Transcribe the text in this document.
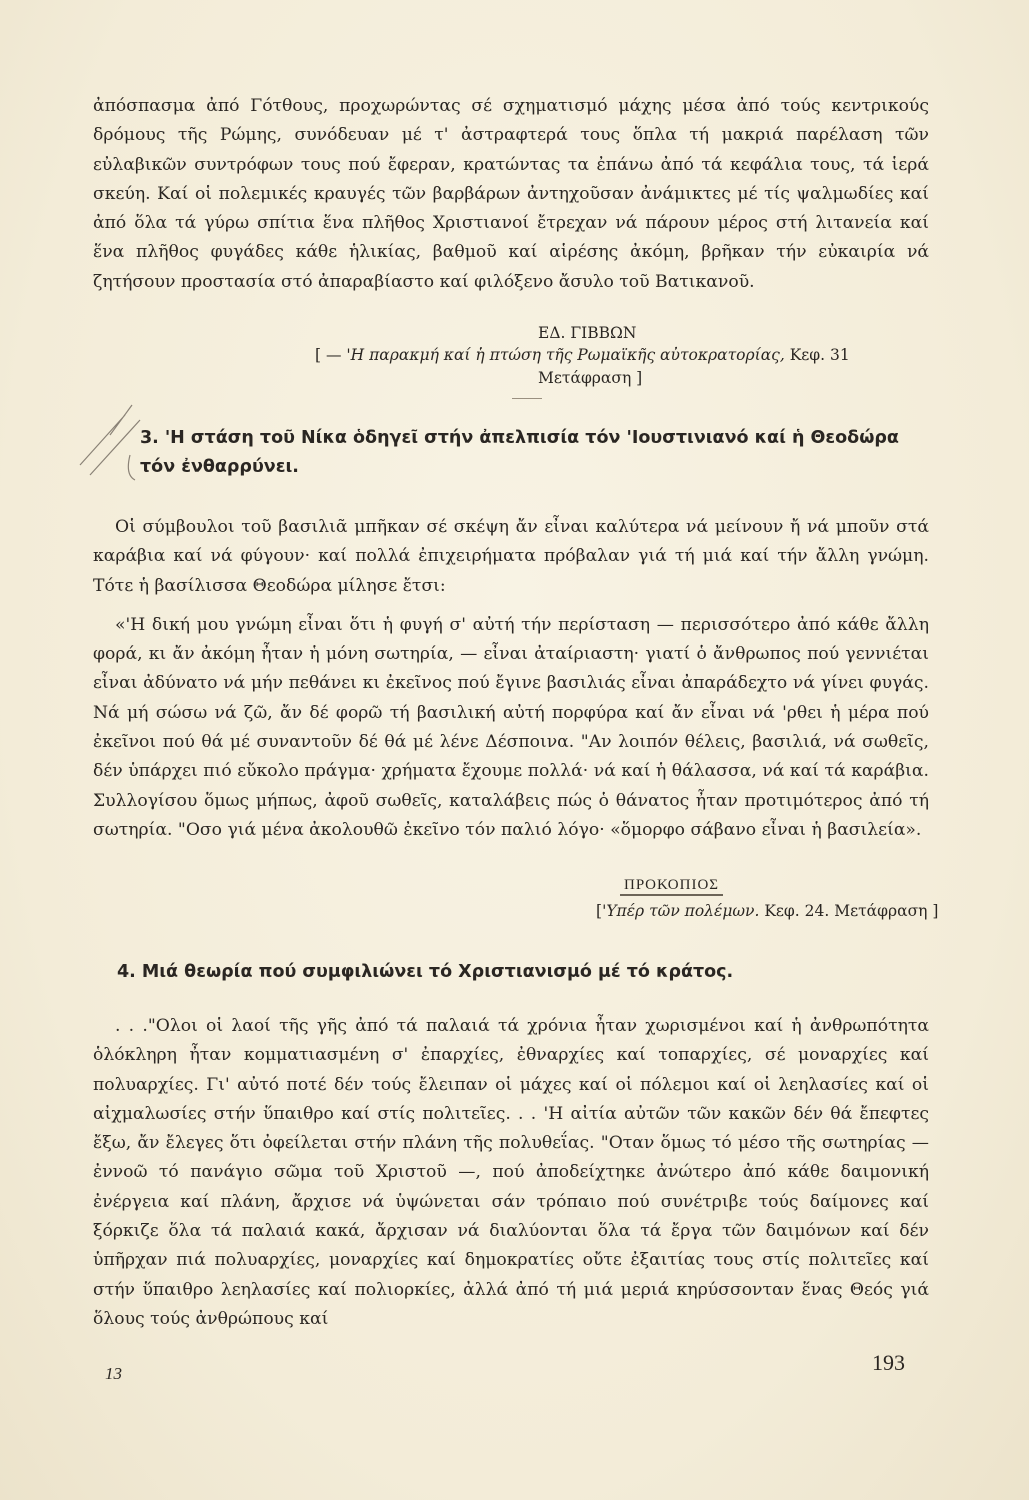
ἀπόσπασμα ἀπό Γότθους, προχωρώντας σέ σχηματισμό μάχης μέσα ἀπό τούς κεντρικούς δρόμους τῆς Ρώμης, συνόδευαν μέ τ' ἀστραφτερά τους ὅπλα τή μακριά παρέλαση τῶν εὐλαβικῶν συντρόφων τους πού ἔφεραν, κρατώντας τα ἐπάνω ἀπό τά κεφάλια τους, τά ἱερά σκεύη. Καί οἱ πολεμικές κραυγές τῶν βαρβάρων ἀντηχοῦσαν ἀνάμικτες μέ τίς ψαλμωδίες καί ἀπό ὅλα τά γύρω σπίτια ἕνα πλῆθος Χριστιανοί ἔτρεχαν νά πάρουν μέρος στή λιτανεία καί ἕνα πλῆθος φυγάδες κάθε ἡλικίας, βαθμοῦ καί αἱρέσης ἀκόμη, βρῆκαν τήν εὐκαιρία νά ζητήσουν προστασία στό ἀπαραβίαστο καί φιλόξενο ἄσυλο τοῦ Βατικανοῦ.

ΕΔ. ΓΙΒΒΩΝ
[ — 'Η παρακμή καί ἡ πτώση τῆς Ρωμαϊκῆς αὐτοκρατορίας, Κεφ. 31
Μετάφραση ]
3. 'Η στάση τοῦ Νίκα ὁδηγεῖ στήν ἀπελπισία τόν 'Ιουστινιανό καί ἡ Θεοδώρα τόν ἐνθαρρύνει.

Οἱ σύμβουλοι τοῦ βασιλιᾶ μπῆκαν σέ σκέψη ἄν εἶναι καλύτερα νά μείνουν ἤ νά μποῦν στά καράβια καί νά φύγουν· καί πολλά ἐπιχειρήματα πρόβαλαν γιά τή μιά καί τήν ἄλλη γνώμη. Τότε ἡ βασίλισσα Θεοδώρα μίλησε ἔτσι:

«'Η δική μου γνώμη εἶναι ὅτι ἡ φυγή σ' αὐτή τήν περίσταση — περισσότερο ἀπό κάθε ἄλλη φορά, κι ἄν ἀκόμη ἦταν ἡ μόνη σωτηρία, — εἶναι ἀταίριαστη· γιατί ὁ ἄνθρωπος πού γεννιέται εἶναι ἀδύνατο νά μήν πεθάνει κι ἐκεῖνος πού ἔγινε βασιλιάς εἶναι ἀπαράδεχτο νά γίνει φυγάς. Νά μή σώσω νά ζῶ, ἄν δέ φορῶ τή βασιλική αὐτή πορφύρα καί ἄν εἶναι νά 'ρθει ἡ μέρα πού ἐκεῖνοι πού θά μέ συναντοῦν δέ θά μέ λένε Δέσποινα. "Αν λοιπόν θέλεις, βασιλιά, νά σωθεῖς, δέν ὑπάρχει πιό εὔκολο πράγμα· χρήματα ἔχουμε πολλά· νά καί ἡ θάλασσα, νά καί τά καράβια. Συλλογίσου ὅμως μήπως, ἀφοῦ σωθεῖς, καταλάβεις πώς ὁ θάνατος ἦταν προτιμότερος ἀπό τή σωτηρία. "Οσο γιά μένα ἀκολουθῶ ἐκεῖνο τόν παλιό λόγο· «ὅμορφο σάβανο εἶναι ἡ βασιλεία».

ΠΡΟΚΟΠΙΟΣ
['Υπέρ τῶν πολέμων. Κεφ. 24. Μετάφραση ]
4. Μιά θεωρία πού συμφιλιώνει τό Χριστιανισμό μέ τό κράτος.

. . ."Ολοι οἱ λαοί τῆς γῆς ἀπό τά παλαιά τά χρόνια ἦταν χωρισμένοι καί ἡ ἀνθρωπότητα ὁλόκληρη ἦταν κομματιασμένη σ' ἐπαρχίες, ἐθναρχίες καί τοπαρχίες, σέ μοναρχίες καί πολυαρχίες. Γι' αὐτό ποτέ δέν τούς ἔλειπαν οἱ μάχες καί οἱ πόλεμοι καί οἱ λεηλασίες καί οἱ αἰχμαλωσίες στήν ὕπαιθρο καί στίς πολιτεῖες. . . 'Η αἰτία αὐτῶν τῶν κακῶν δέν θά ἔπεφτες ἔξω, ἄν ἔλεγες ὅτι ὀφείλεται στήν πλάνη τῆς πολυθεΐας. "Οταν ὅμως τό μέσο τῆς σωτηρίας — ἐννοῶ τό πανάγιο σῶμα τοῦ Χριστοῦ —, πού ἀποδείχτηκε ἀνώτερο ἀπό κάθε δαιμονική ἐνέργεια καί πλάνη, ἄρχισε νά ὑψώνεται σάν τρόπαιο πού συνέτριβε τούς δαίμονες καί ξόρκιζε ὅλα τά παλαιά κακά, ἄρχισαν νά διαλύονται ὅλα τά ἔργα τῶν δαιμόνων καί δέν ὑπῆρχαν πιά πολυαρχίες, μοναρχίες καί δημοκρατίες οὔτε ἐξαιτίας τους στίς πολιτεῖες καί στήν ὕπαιθρο λεηλασίες καί πολιορκίες, ἀλλά ἀπό τή μιά μεριά κηρύσσονταν ἕνας Θεός γιά ὅλους τούς ἀνθρώπους καί

13	193
